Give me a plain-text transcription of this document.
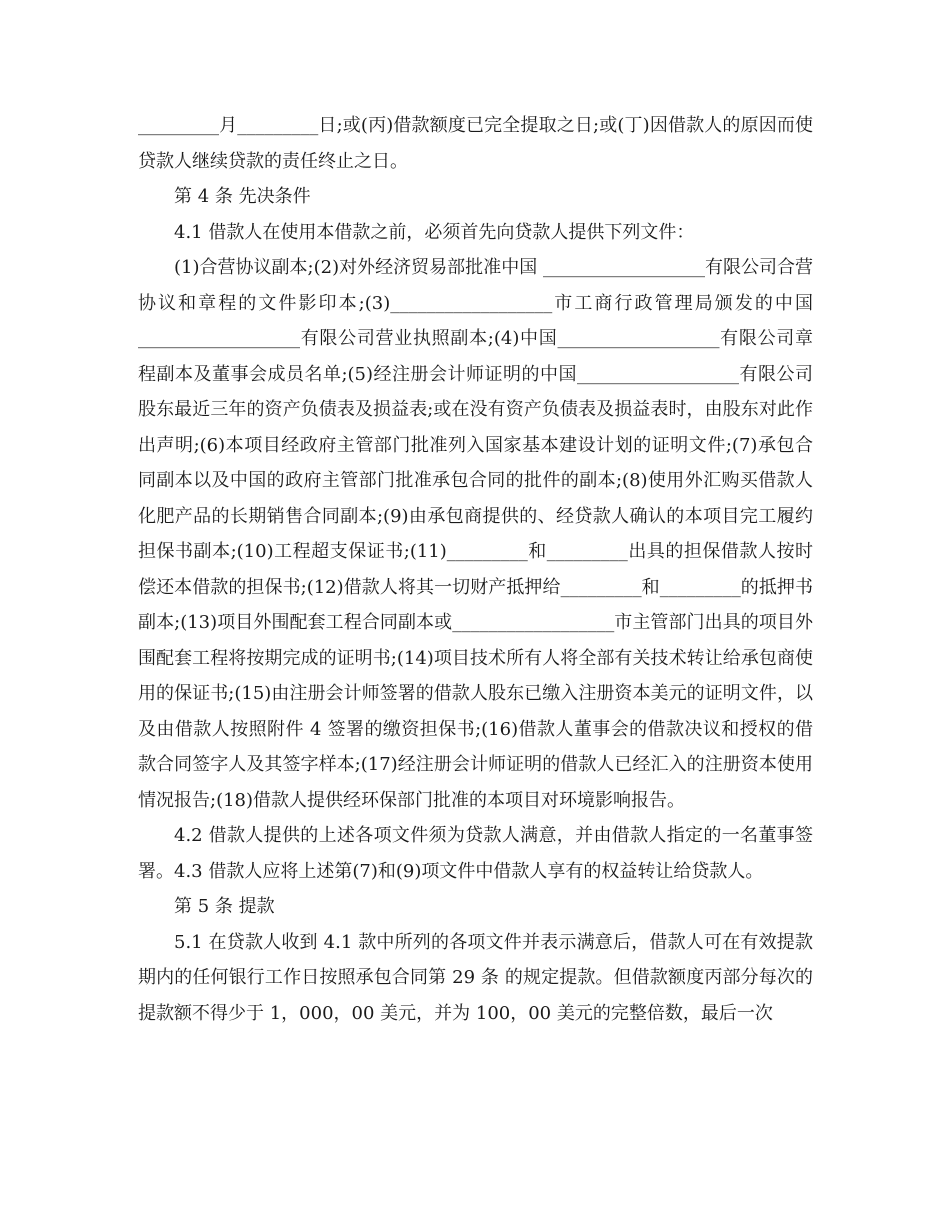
_________月_________日;或(丙)借款额度已完全提取之日;或(丁)因借款人的原因而使贷款人继续贷款的责任终止之日。

第 4 条 先决条件

4.1 借款人在使用本借款之前，必须首先向贷款人提供下列文件：

(1)合营协议副本;(2)对外经济贸易部批准中国 __________________有限公司合营协议和章程的文件影印本;(3)__________________市工商行政管理局颁发的中国__________________有限公司营业执照副本;(4)中国__________________有限公司章程副本及董事会成员名单;(5)经注册会计师证明的中国__________________有限公司股东最近三年的资产负债表及损益表;或在没有资产负债表及损益表时，由股东对此作出声明;(6)本项目经政府主管部门批准列入国家基本建设计划的证明文件;(7)承包合同副本以及中国的政府主管部门批准承包合同的批件的副本;(8)使用外汇购买借款人化肥产品的长期销售合同副本;(9)由承包商提供的、经贷款人确认的本项目完工履约担保书副本;(10)工程超支保证书;(11)_________和_________出具的担保借款人按时偿还本借款的担保书;(12)借款人将其一切财产抵押给_________和_________的抵押书副本;(13)项目外围配套工程合同副本或__________________市主管部门出具的项目外围配套工程将按期完成的证明书;(14)项目技术所有人将全部有关技术转让给承包商使用的保证书;(15)由注册会计师签署的借款人股东已缴入注册资本美元的证明文件，以及由借款人按照附件 4 签署的缴资担保书;(16)借款人董事会的借款决议和授权的借款合同签字人及其签字样本;(17)经注册会计师证明的借款人已经汇入的注册资本使用情况报告;(18)借款人提供经环保部门批准的本项目对环境影响报告。

4.2 借款人提供的上述各项文件须为贷款人满意，并由借款人指定的一名董事签署。4.3 借款人应将上述第(7)和(9)项文件中借款人享有的权益转让给贷款人。

第 5 条 提款

5.1 在贷款人收到 4.1 款中所列的各项文件并表示满意后，借款人可在有效提款期内的任何银行工作日按照承包合同第 29 条 的规定提款。但借款额度丙部分每次的提款额不得少于 1，000，00 美元，并为 100，00 美元的完整倍数，最后一次
